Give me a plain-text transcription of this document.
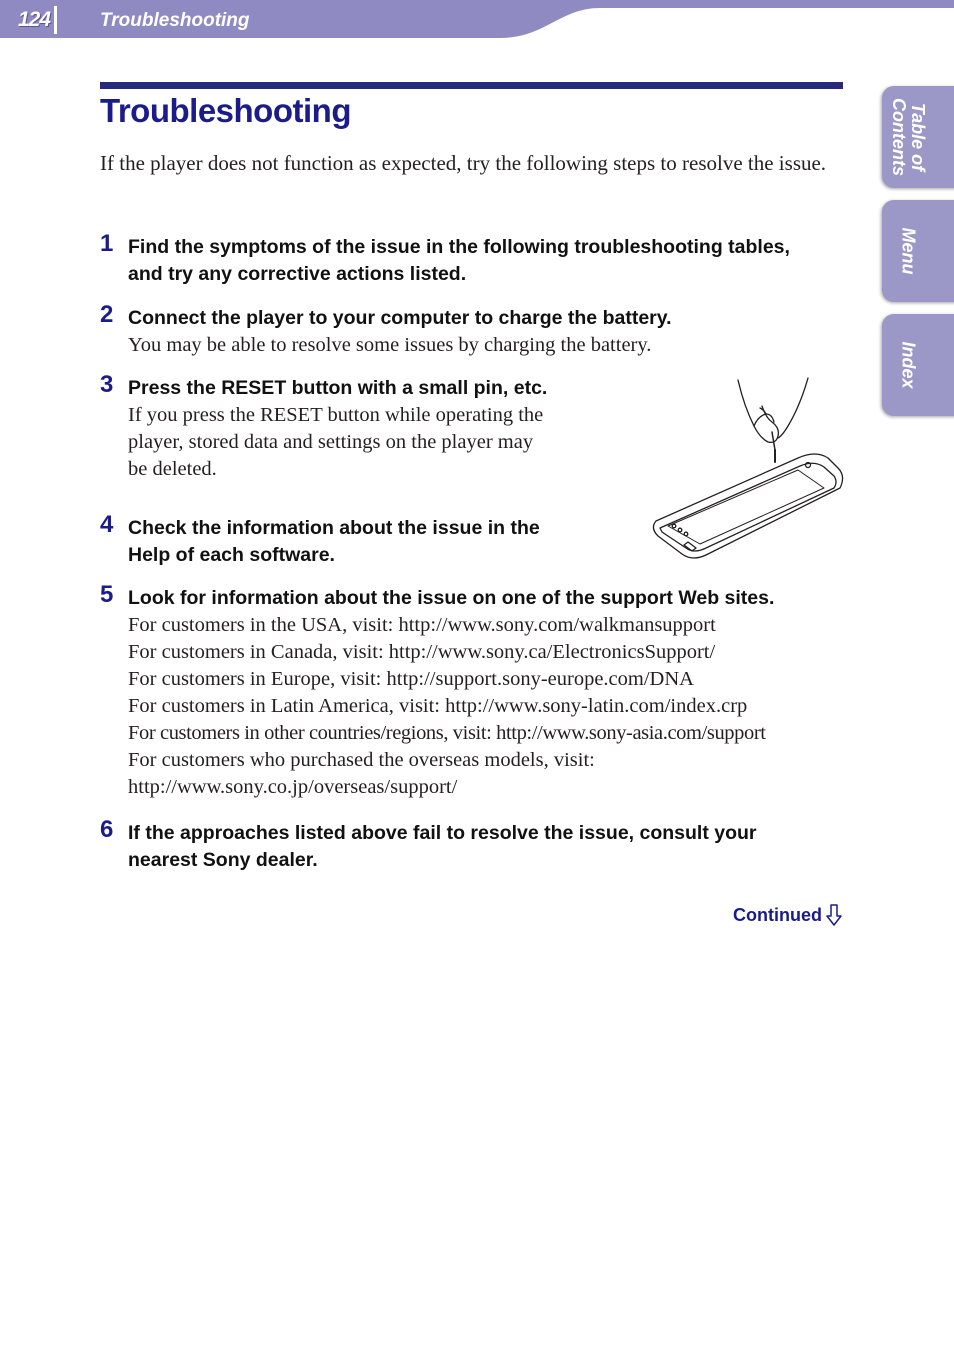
124	Troubleshooting
Table of
Contents
Menu
Index
Troubleshooting

If the player does not function as expected, try the following steps to resolve the issue.

1 Find the symptoms of the issue in the following troubleshooting tables,
and try any corrective actions listed.
2 Connect the player to your computer to charge the battery.
You may be able to resolve some issues by charging the battery.
3 Press the RESET button with a small pin, etc.
If you press the RESET button while operating the
player, stored data and settings on the player may
be deleted.
4 Check the information about the issue in the
Help of each software.
5 Look for information about the issue on one of the support Web sites.
For customers in the USA, visit: http://www.sony.com/walkmansupport
For customers in Canada, visit: http://www.sony.ca/ElectronicsSupport/
For customers in Europe, visit: http://support.sony-europe.com/DNA
For customers in Latin America, visit: http://www.sony-latin.com/index.crp
For customers in other countries/regions, visit: http://www.sony-asia.com/support
For customers who purchased the overseas models, visit:
http://www.sony.co.jp/overseas/support/
6 If the approaches listed above fail to resolve the issue, consult your
nearest Sony dealer.
Continued
